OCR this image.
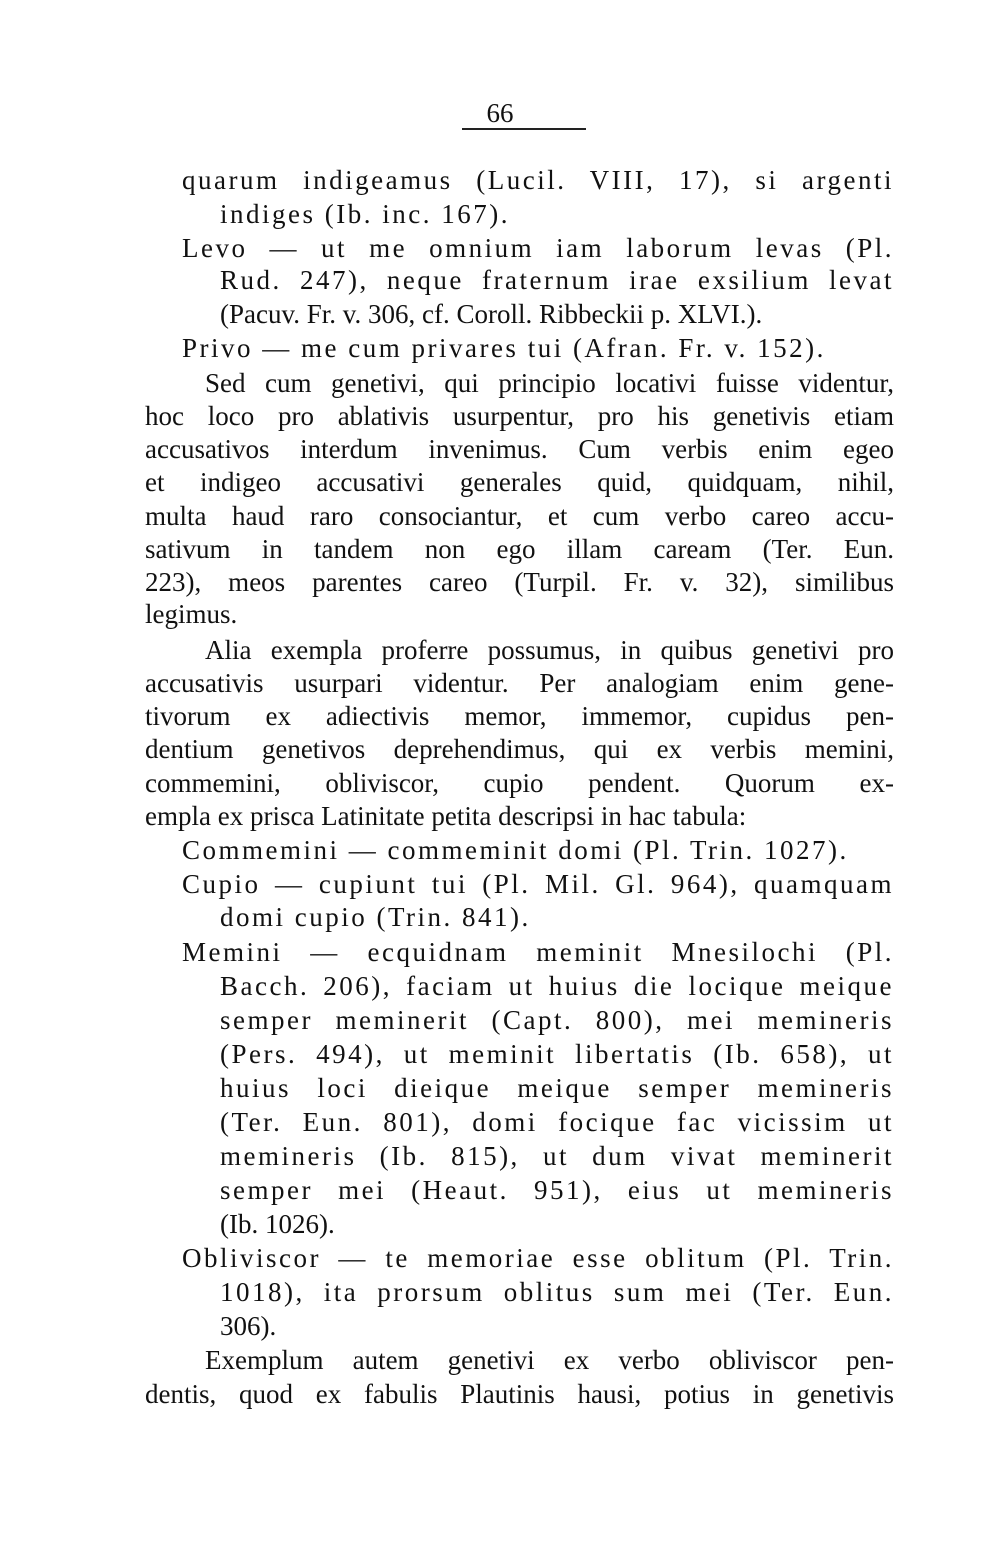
66
quarum indigeamus (Lucil. VIII, 17), si argenti
indiges (Ib. inc. 167).
Levo — ut me omnium iam laborum levas (Pl.
Rud. 247), neque fraternum irae exsilium levat
(Pacuv. Fr. v. 306, cf. Coroll. Ribbeckii p. XLVI.).
Privo — me cum privares tui (Afran. Fr. v. 152).
Sed cum genetivi, qui principio locativi fuisse videntur,
hoc loco pro ablativis usurpentur, pro his genetivis etiam
accusativos interdum invenimus. Cum verbis enim egeo
et indigeo accusativi generales quid, quidquam, nihil,
multa haud raro consociantur, et cum verbo careo accu-
sativum in tandem non ego illam caream (Ter. Eun.
223), meos parentes careo (Turpil. Fr. v. 32), similibus
legimus.
Alia exempla proferre possumus, in quibus genetivi pro
accusativis usurpari videntur. Per analogiam enim gene-
tivorum ex adiectivis memor, immemor, cupidus pen-
dentium genetivos deprehendimus, qui ex verbis memini,
commemini, obliviscor, cupio pendent. Quorum ex-
empla ex prisca Latinitate petita descripsi in hac tabula:
Commemini — commeminit domi (Pl. Trin. 1027).
Cupio — cupiunt tui (Pl. Mil. Gl. 964), quamquam
domi cupio (Trin. 841).
Memini — ecquidnam meminit Mnesilochi (Pl.
Bacch. 206), faciam ut huius die locique meique
semper meminerit (Capt. 800), mei memineris
(Pers. 494), ut meminit libertatis (Ib. 658), ut
huius loci dieique meique semper memineris
(Ter. Eun. 801), domi focique fac vicissim ut
memineris (Ib. 815), ut dum vivat meminerit
semper mei (Heaut. 951), eius ut memineris
(Ib. 1026).
Obliviscor — te memoriae esse oblitum (Pl. Trin.
1018), ita prorsum oblitus sum mei (Ter. Eun.
306).
Exemplum autem genetivi ex verbo obliviscor pen-
dentis, quod ex fabulis Plautinis hausi, potius in genetivis
